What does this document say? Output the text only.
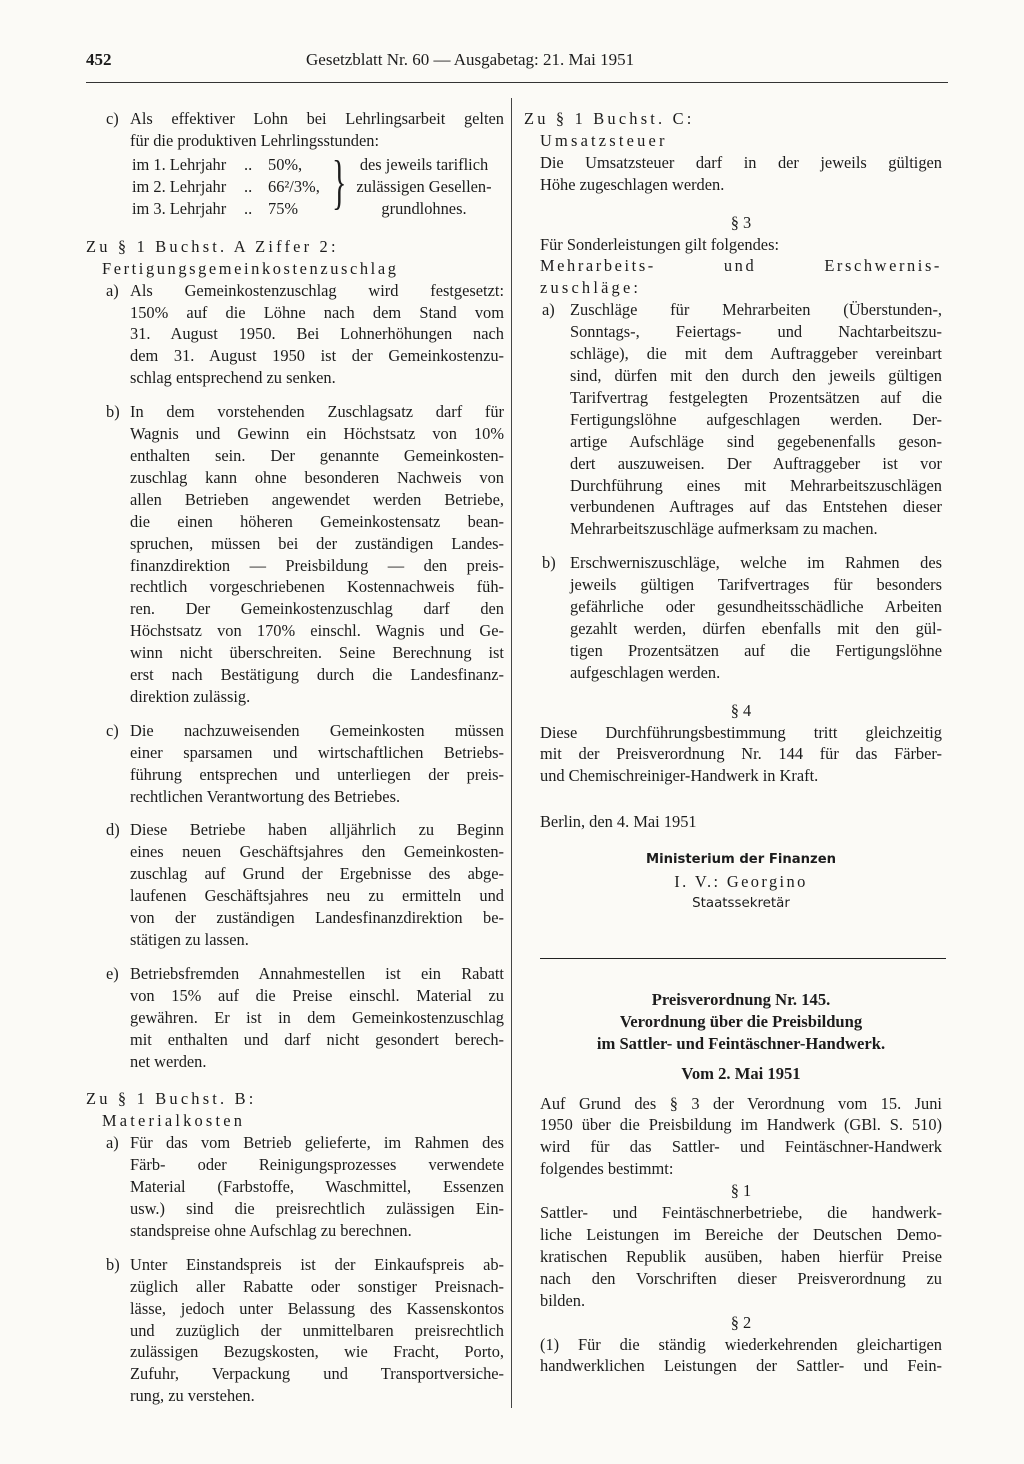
452	Gesetzblatt Nr. 60 — Ausgabetag: 21. Mai 1951
c) Als effektiver Lohn bei Lehrlingsarbeit gelten

für die produktiven Lehrlingsstunden:

im 1. Lehrjahr .. 50%,
im 2. Lehrjahr .. 66²/3%,
im 3. Lehrjahr .. 75% } des jeweils tariflich

zulässigen Gesellen-

grundlohnes.

Zu § 1 Buchst. A Ziffer 2:

Fertigungsgemeinkostenzuschlag

a) Als Gemeinkostenzuschlag wird festgesetzt:

150% auf die Löhne nach dem Stand vom

31. August 1950. Bei Lohnerhöhungen nach

dem 31. August 1950 ist der Gemeinkostenzu-

schlag entsprechend zu senken.

b) In dem vorstehenden Zuschlagsatz darf für

Wagnis und Gewinn ein Höchstsatz von 10%

enthalten sein. Der genannte Gemeinkosten-

zuschlag kann ohne besonderen Nachweis von

allen Betrieben angewendet werden Betriebe,

die einen höheren Gemeinkostensatz bean-

spruchen, müssen bei der zuständigen Landes-

finanzdirektion — Preisbildung — den preis-

rechtlich vorgeschriebenen Kostennachweis füh-

ren. Der Gemeinkostenzuschlag darf den

Höchstsatz von 170% einschl. Wagnis und Ge-

winn nicht überschreiten. Seine Berechnung ist

erst nach Bestätigung durch die Landesfinanz-

direktion zulässig.

c) Die nachzuweisenden Gemeinkosten müssen

einer sparsamen und wirtschaftlichen Betriebs-

führung entsprechen und unterliegen der preis-

rechtlichen Verantwortung des Betriebes.

d) Diese Betriebe haben alljährlich zu Beginn

eines neuen Geschäftsjahres den Gemeinkosten-

zuschlag auf Grund der Ergebnisse des abge-

laufenen Geschäftsjahres neu zu ermitteln und

von der zuständigen Landesfinanzdirektion be-

stätigen zu lassen.

e) Betriebsfremden Annahmestellen ist ein Rabatt

von 15% auf die Preise einschl. Material zu

gewähren. Er ist in dem Gemeinkostenzuschlag

mit enthalten und darf nicht gesondert berech-

net werden.

Zu § 1 Buchst. B:

Materialkosten

a) Für das vom Betrieb gelieferte, im Rahmen des

Färb- oder Reinigungsprozesses verwendete

Material (Farbstoffe, Waschmittel, Essenzen

usw.) sind die preisrechtlich zulässigen Ein-

standspreise ohne Aufschlag zu berechnen.

b) Unter Einstandspreis ist der Einkaufspreis ab-

züglich aller Rabatte oder sonstiger Preisnach-

lässe, jedoch unter Belassung des Kassenskontos

und zuzüglich der unmittelbaren preisrechtlich

zulässigen Bezugskosten, wie Fracht, Porto,

Zufuhr, Verpackung und Transportversiche-

rung, zu verstehen.

Zu § 1 Buchst. C:

Umsatzsteuer

Die Umsatzsteuer darf in der jeweils gültigen

Höhe zugeschlagen werden.

§ 3

Für Sonderleistungen gilt folgendes:

Mehrarbeits- und Erschwernis-

zuschläge:

a) Zuschläge für Mehrarbeiten (Überstunden-,

Sonntags-, Feiertags- und Nachtarbeitszu-

schläge), die mit dem Auftraggeber vereinbart

sind, dürfen mit den durch den jeweils gültigen

Tarifvertrag festgelegten Prozentsätzen auf die

Fertigungslöhne aufgeschlagen werden. Der-

artige Aufschläge sind gegebenenfalls geson-

dert auszuweisen. Der Auftraggeber ist vor

Durchführung eines mit Mehrarbeitszuschlägen

verbundenen Auftrages auf das Entstehen dieser

Mehrarbeitszuschläge aufmerksam zu machen.

b) Erschwerniszuschläge, welche im Rahmen des

jeweils gültigen Tarifvertrages für besonders

gefährliche oder gesundheitsschädliche Arbeiten

gezahlt werden, dürfen ebenfalls mit den gül-

tigen Prozentsätzen auf die Fertigungslöhne

aufgeschlagen werden.

§ 4

Diese Durchführungsbestimmung tritt gleichzeitig

mit der Preisverordnung Nr. 144 für das Färber-

und Chemischreiniger-Handwerk in Kraft.

Berlin, den 4. Mai 1951

Ministerium der Finanzen

I. V.: Georgino

Staatssekretär

Preisverordnung Nr. 145.

Verordnung über die Preisbildung

im Sattler- und Feintäschner-Handwerk.

Vom 2. Mai 1951

Auf Grund des § 3 der Verordnung vom 15. Juni

1950 über die Preisbildung im Handwerk (GBl. S. 510)

wird für das Sattler- und Feintäschner-Handwerk

folgendes bestimmt:

§ 1

Sattler- und Feintäschnerbetriebe, die handwerk-

liche Leistungen im Bereiche der Deutschen Demo-

kratischen Republik ausüben, haben hierfür Preise

nach den Vorschriften dieser Preisverordnung zu

bilden.

§ 2

(1) Für die ständig wiederkehrenden gleichartigen

handwerklichen Leistungen der Sattler- und Fein-
